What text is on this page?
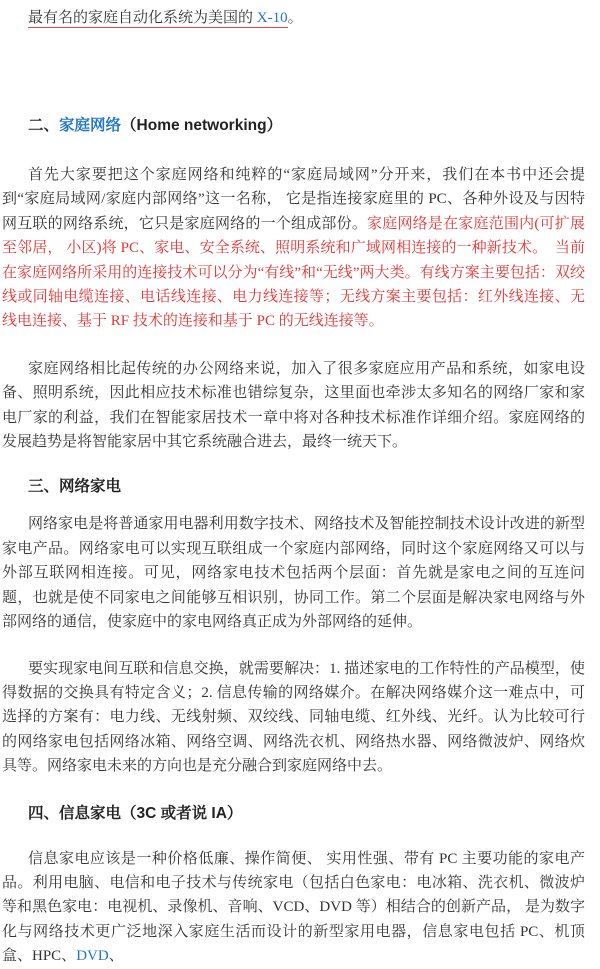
最有名的家庭自动化系统为美国的 X-10。

二、家庭网络（Home networking）

首先大家要把这个家庭网络和纯粹的“家庭局域网”分开来，我们在本书中还会提到“家庭局域网/家庭内部网络”这一名称， 它是指连接家庭里的 PC、各种外设及与因特网互联的网络系统，它只是家庭网络的一个组成部份。家庭网络是在家庭范围内(可扩展至邻居， 小区)将 PC、家电、安全系统、照明系统和广域网相连接的一种新技术。　当前在家庭网络所采用的连接技术可以分为“有线”和“无线”两大类。有线方案主要包括：双绞线或同轴电缆连接、电话线连接、电力线连接等；无线方案主要包括：红外线连接、无线电连接、基于 RF 技术的连接和基于 PC 的无线连接等。

家庭网络相比起传统的办公网络来说，加入了很多家庭应用产品和系统，如家电设备、照明系统，因此相应技术标准也错综复杂，这里面也牵涉太多知名的网络厂家和家电厂家的利益，我们在智能家居技术一章中将对各种技术标准作详细介绍。家庭网络的发展趋势是将智能家居中其它系统融合进去，最终一统天下。

三、网络家电

网络家电是将普通家用电器利用数字技术、网络技术及智能控制技术设计改进的新型家电产品。网络家电可以实现互联组成一个家庭内部网络，同时这个家庭网络又可以与外部互联网相连接。可见，网络家电技术包括两个层面：首先就是家电之间的互连问题，也就是使不同家电之间能够互相识别，协同工作。第二个层面是解决家电网络与外部网络的通信，使家庭中的家电网络真正成为外部网络的延伸。

要实现家电间互联和信息交换，就需要解决：1. 描述家电的工作特性的产品模型，使得数据的交换具有特定含义；2. 信息传输的网络媒介。在解决网络媒介这一难点中，可选择的方案有：电力线、无线射频、双绞线、同轴电缆、红外线、光纤。认为比较可行的网络家电包括网络冰箱、网络空调、网络洗衣机、网络热水器、网络微波炉、网络炊具等。网络家电未来的方向也是充分融合到家庭网络中去。

四、信息家电（3C 或者说 IA）

信息家电应该是一种价格低廉、操作简便、 实用性强、带有 PC 主要功能的家电产品。利用电脑、电信和电子技术与传统家电（包括白色家电：电冰箱、洗衣机、微波炉等和黑色家电：电视机、录像机、音响、VCD、DVD 等）相结合的创新产品， 是为数字化与网络技术更广泛地深入家庭生活而设计的新型家用电器，信息家电包括 PC、机顶盒、HPC、DVD、
